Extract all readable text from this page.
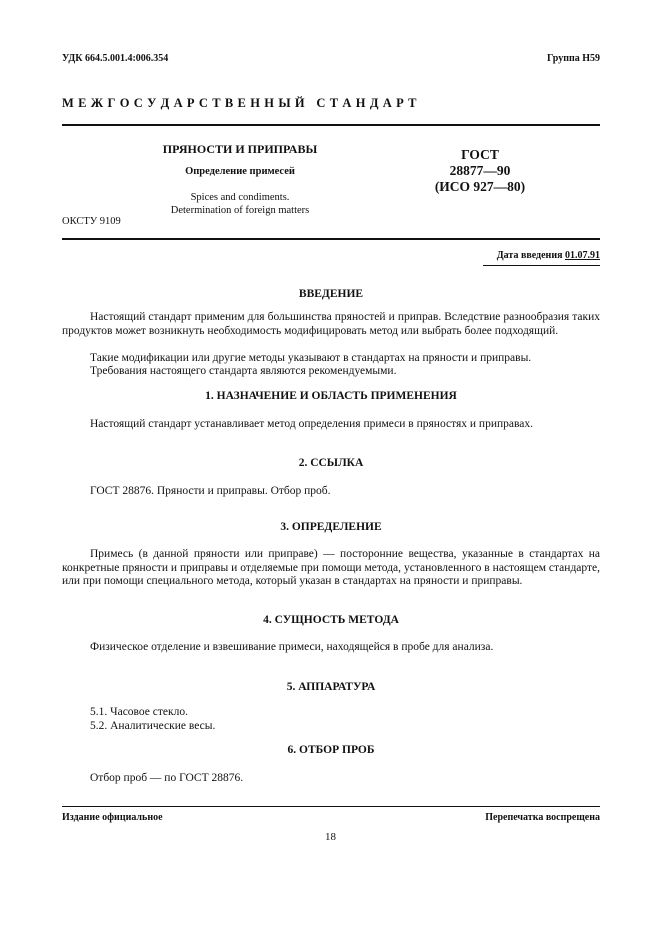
УДК 664.5.001.4:006.354	Группа Н59
М Е Ж Г О С У Д А Р С Т В Е Н Н Ы Й   С Т А Н Д А Р Т
ПРЯНОСТИ И ПРИПРАВЫ
Определение примесей
Spices and condiments.
Determination of foreign matters
ОКСТУ 9109
ГОСТ
28877—90
(ИСО 927—80)
Дата введения 01.07.91
ВВЕДЕНИЕ
Настоящий стандарт применим для большинства пряностей и приправ. Вследствие разнообразия таких продуктов может возникнуть необходимость модифицировать метод или выбрать более подходящий.
Такие модификации или другие методы указывают в стандартах на пряности и приправы.
Требования настоящего стандарта являются рекомендуемыми.
1. НАЗНАЧЕНИЕ И ОБЛАСТЬ ПРИМЕНЕНИЯ
Настоящий стандарт устанавливает метод определения примеси в пряностях и приправах.
2. ССЫЛКА
ГОСТ 28876. Пряности и приправы. Отбор проб.
3. ОПРЕДЕЛЕНИЕ
Примесь (в данной пряности или приправе) — посторонние вещества, указанные в стандартах на конкретные пряности и приправы и отделяемые при помощи метода, установленного в настоящем стандарте, или при помощи специального метода, который указан в стандартах на пряности и приправы.
4. СУЩНОСТЬ МЕТОДА
Физическое отделение и взвешивание примеси, находящейся в пробе для анализа.
5. АППАРАТУРА
5.1. Часовое стекло.
5.2. Аналитические весы.
6. ОТБОР ПРОБ
Отбор проб — по ГОСТ 28876.
Издание официальное	Перепечатка воспрещена
18
